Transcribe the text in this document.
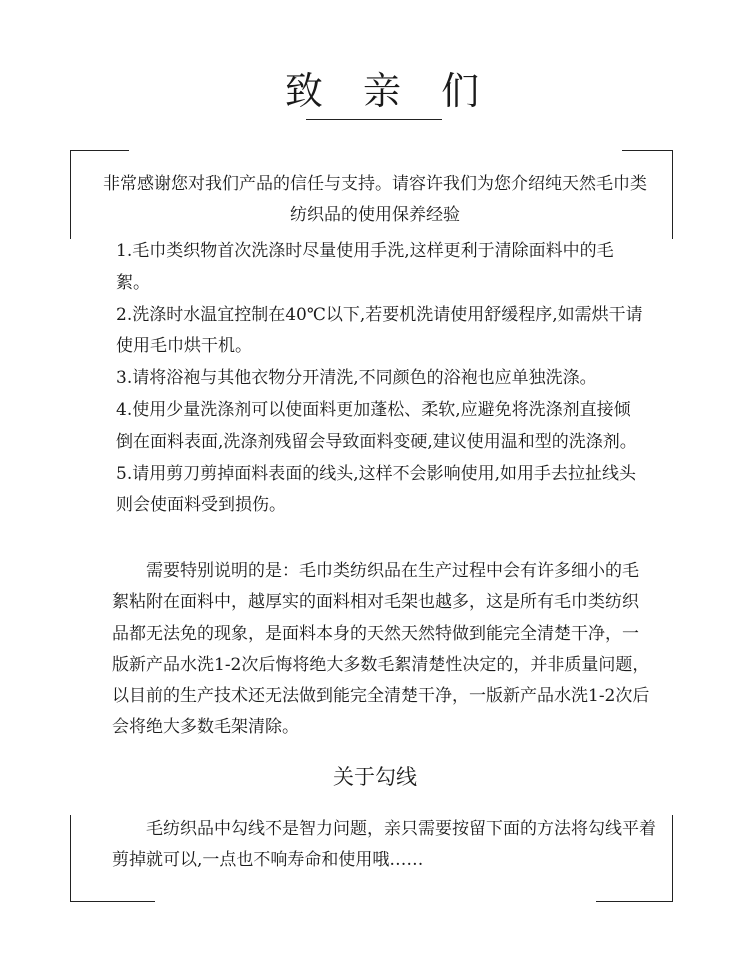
致 亲 们
非常感谢您对我们产品的信任与支持。请容许我们为您介绍纯天然毛巾类纺织品的使用保养经验

1.毛巾类织物首次洗涤时尽量使用手洗,这样更利于清除面料中的毛絮。

2.洗涤时水温宜控制在40℃以下,若要机洗请使用舒缓程序,如需烘干请使用毛巾烘干机。

3.请将浴袍与其他衣物分开清洗,不同颜色的浴袍也应单独洗涤。

4.使用少量洗涤剂可以使面料更加蓬松、柔软,应避免将洗涤剂直接倾倒在面料表面,洗涤剂残留会导致面料变硬,建议使用温和型的洗涤剂。

5.请用剪刀剪掉面料表面的线头,这样不会影响使用,如用手去拉扯线头则会使面料受到损伤。

需要特别说明的是：毛巾类纺织品在生产过程中会有许多细小的毛絮粘附在面料中，越厚实的面料相对毛架也越多，这是所有毛巾类纺织品都无法免的现象，是面料本身的天然天然特做到能完全清楚干净，一版新产品水洗1-2次后悔将绝大多数毛絮清楚性决定的，并非质量问题，以目前的生产技术还无法做到能完全清楚干净，一版新产品水洗1-2次后会将绝大多数毛架清除。
关于勾线
毛纺织品中勾线不是智力问题，亲只需要按留下面的方法将勾线平着剪掉就可以,一点也不响寿命和使用哦……
